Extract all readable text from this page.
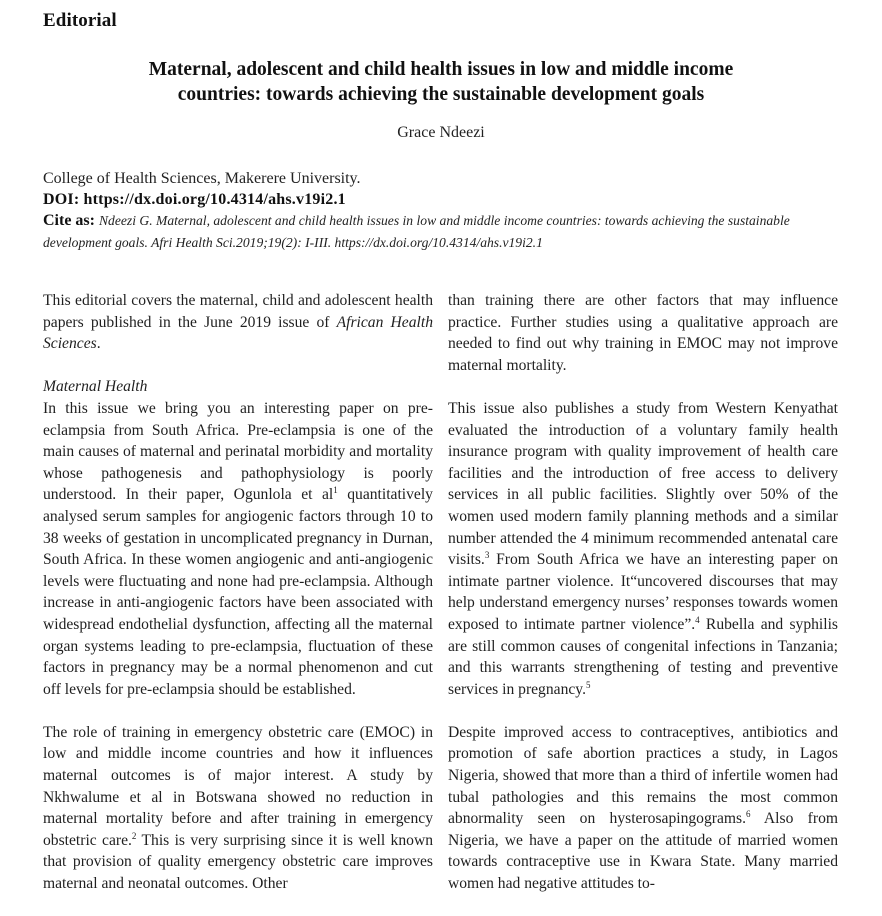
Editorial
Maternal, adolescent and child health issues in low and middle income
countries: towards achieving the sustainable development goals
Grace Ndeezi
College of Health Sciences, Makerere University.
DOI: https://dx.doi.org/10.4314/ahs.v19i2.1
Cite as: Ndeezi G. Maternal, adolescent and child health issues in low and middle income countries: towards achieving the sustainable development goals. Afri Health Sci.2019;19(2): I-III. https://dx.doi.org/10.4314/ahs.v19i2.1

This editorial covers the maternal, child and adolescent health papers published in the June 2019 issue of African Health Sciences.

Maternal Health

In this issue we bring you an interesting paper on pre-eclampsia from South Africa. Pre-eclampsia is one of the main causes of maternal and perinatal morbidity and mortality whose pathogenesis and pathophysiology is poorly understood. In their paper, Ogunlola et al$^1$ quantitatively analysed serum samples for angiogenic factors through 10 to 38 weeks of gestation in uncomplicated pregnancy in Durnan, South Africa. In these women angiogenic and anti-angiogenic levels were fluctuating and none had pre-eclampsia. Although increase in anti-angiogenic factors have been associated with widespread endothelial dysfunction, affecting all the maternal organ systems leading to pre-eclampsia, fluctuation of these factors in pregnancy may be a normal phenomenon and cut off levels for pre-eclampsia should be established.

The role of training in emergency obstetric care (EMOC) in low and middle income countries and how it influences maternal outcomes is of major interest. A study by Nkhwalume et al in Botswana showed no reduction in maternal mortality before and after training in emergency obstetric care.$^2$ This is very surprising since it is well known that provision of quality emergency obstetric care improves maternal and neonatal outcomes. Other

than training there are other factors that may influence practice. Further studies using a qualitative approach are needed to find out why training in EMOC may not improve maternal mortality.

This issue also publishes a study from Western Kenyathat evaluated the introduction of a voluntary family health insurance program with quality improvement of health care facilities and the introduction of free access to delivery services in all public facilities. Slightly over 50% of the women used modern family planning methods and a similar number attended the 4 minimum recommended antenatal care visits.$^3$ From South Africa we have an interesting paper on intimate partner violence. It“uncovered discourses that may help understand emergency nurses’ responses towards women exposed to intimate partner violence”.$^4$ Rubella and syphilis are still common causes of congenital infections in Tanzania; and this warrants strengthening of testing and preventive services in pregnancy.$^5$

Despite improved access to contraceptives, antibiotics and promotion of safe abortion practices a study, in Lagos Nigeria, showed that more than a third of infertile women had tubal pathologies and this remains the most common abnormality seen on hysterosapingograms.$^6$ Also from Nigeria, we have a paper on the attitude of married women towards contraceptive use in Kwara State. Many married women had negative attitudes to-
